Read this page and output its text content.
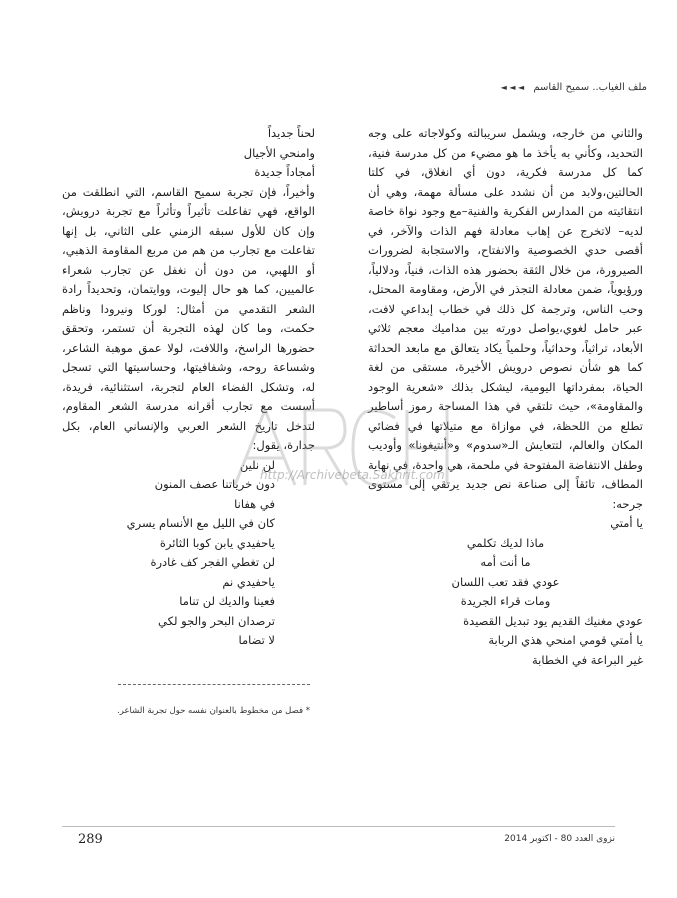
ملف الغياب.. سميح القاسم ◄ ◄ ◄

والثاني من خارجه، ويشمل سريبالته وكولاجاته على وجه التحديد، وكأني به يأخذ ما هو مضيء من كل مدرسة فنية، كما كل مدرسة فكرية، دون أي انغلاق، في كلتا الحالتين،ولابد من أن نشدد على مسألة مهمة، وهي أن انتقائيته من المدارس الفكرية والفنية–مع وجود نواة خاصة لديه– لاتخرج عن إهاب معادلة فهم الذات والآخر، في أقصى حدي الخصوصية والانفتاح، والاستجابة لضرورات الصيرورة، من خلال الثقة بحضور هذه الذات، فنياً، ودلالياً، ورؤيوياً، ضمن معادلة التجذر في الأرض، ومقاومة المحتل، وحب الناس، وترجمة كل ذلك في خطاب إبداعي لافت، عبر حامل لغوي،يواصل دورته بين مداميك معجم ثلاثي الأبعاد، تراثياً، وحداثياً، وحلمياً يكاد يتعالق مع مابعد الحداثة كما هو شأن نصوص درويش الأخيرة، مستقى من لغة الحياة، بمفرداتها اليومية، ليشكل بذلك «شعرية الوجود والمقاومة»، حيث تلتقي في هذا المساحة رموز أساطير تطلع من اللحظة، في موازاة مع متيلاتها في فضائي المكان والعالم، لتتعايش الـ«سدوم» و«أنتيغونا» وأوديب وطفل الانتفاضة المفتوحة في ملحمة، هي واحدة، في نهاية المطاف، تائقاً إلى صناعة نص جديد يرتقي إلى مستوى جرحه:

يا أمتي
ماذا لديك تكلمي
ما أنت أمه
عودي فقد تعب اللسان
ومات قراء الجريدة
عودي مغنيك القديم يود تبديل القصيدة
يا أمتي قومي امنحي هذي الربابة
غير البراعة في الخطابة
لحناً جديداً
وامنحي الأجيال
أمجاداً جديدة

وأخيراً، فإن تجربة سميح القاسم، التي انطلقت من الواقع، فهي تفاعلت تأثيراً وتأثراً مع تجربة درويش، وإن كان للأول سبقه الزمني على الثاني، بل إنها تفاعلت مع تجارب من هم من مربع المقاومة الذهبي، أو اللهبي، من دون أن نغفل عن تجارب شعراء عالميين، كما هو حال إليوت، ووايتمان، وتحديداً رادة الشعر التقدمي من أمثال: لوركا ونيرودا وناظم حكمت، وما كان لهذه التجربة أن تستمر، وتحقق حضورها الراسخ، واللافت، لولا عمق موهبة الشاعر، وشساعة روحه، وشفافيتها، وحساسيتها التي تسجل له، وتشكل الفضاء العام لتجربة، استثنائية، فريدة، أسست مع تجارب أقرانه مدرسة الشعر المقاوم، لتدخل تاريخ الشعر العربي والإنساني العام، بكل جدارة، يقول:

لن نلين
دون خرياتنا عصف المنون
في هفانا
كان في الليل مع الأنسام يسري
ياحفيدي يابن كوبا الثائرة
لن تغطي الفجر كف غادرة
ياحفيدي نم
فعينا والديك لن تناما
ترصدان البحر والجو لكي
لا تضاما
* فصل من مخطوط بالعنوان نفسه حول تجربة الشاعر.
http://Archivebeta.Sakhrit.com
289	نزوى العدد 80 - اكتوبر 2014
